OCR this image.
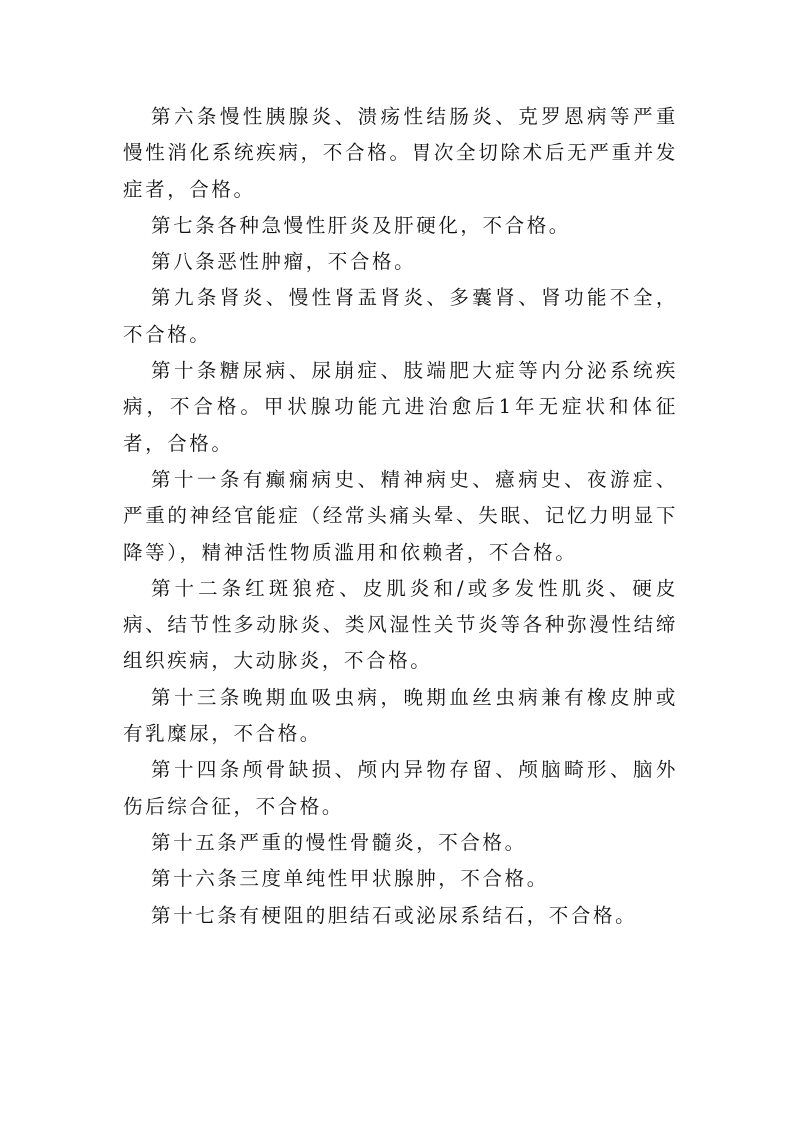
第六条慢性胰腺炎、溃疡性结肠炎、克罗恩病等严重慢性消化系统疾病，不合格。胃次全切除术后无严重并发症者，合格。

第七条各种急慢性肝炎及肝硬化，不合格。

第八条恶性肿瘤，不合格。

第九条肾炎、慢性肾盂肾炎、多囊肾、肾功能不全，不合格。

第十条糖尿病、尿崩症、肢端肥大症等内分泌系统疾病，不合格。甲状腺功能亢进治愈后1年无症状和体征者，合格。

第十一条有癫痫病史、精神病史、癔病史、夜游症、严重的神经官能症（经常头痛头晕、失眠、记忆力明显下降等），精神活性物质滥用和依赖者，不合格。

第十二条红斑狼疮、皮肌炎和/或多发性肌炎、硬皮病、结节性多动脉炎、类风湿性关节炎等各种弥漫性结缔组织疾病，大动脉炎，不合格。

第十三条晚期血吸虫病，晚期血丝虫病兼有橡皮肿或有乳糜尿，不合格。

第十四条颅骨缺损、颅内异物存留、颅脑畸形、脑外伤后综合征，不合格。

第十五条严重的慢性骨髓炎，不合格。

第十六条三度单纯性甲状腺肿，不合格。

第十七条有梗阻的胆结石或泌尿系结石，不合格。
